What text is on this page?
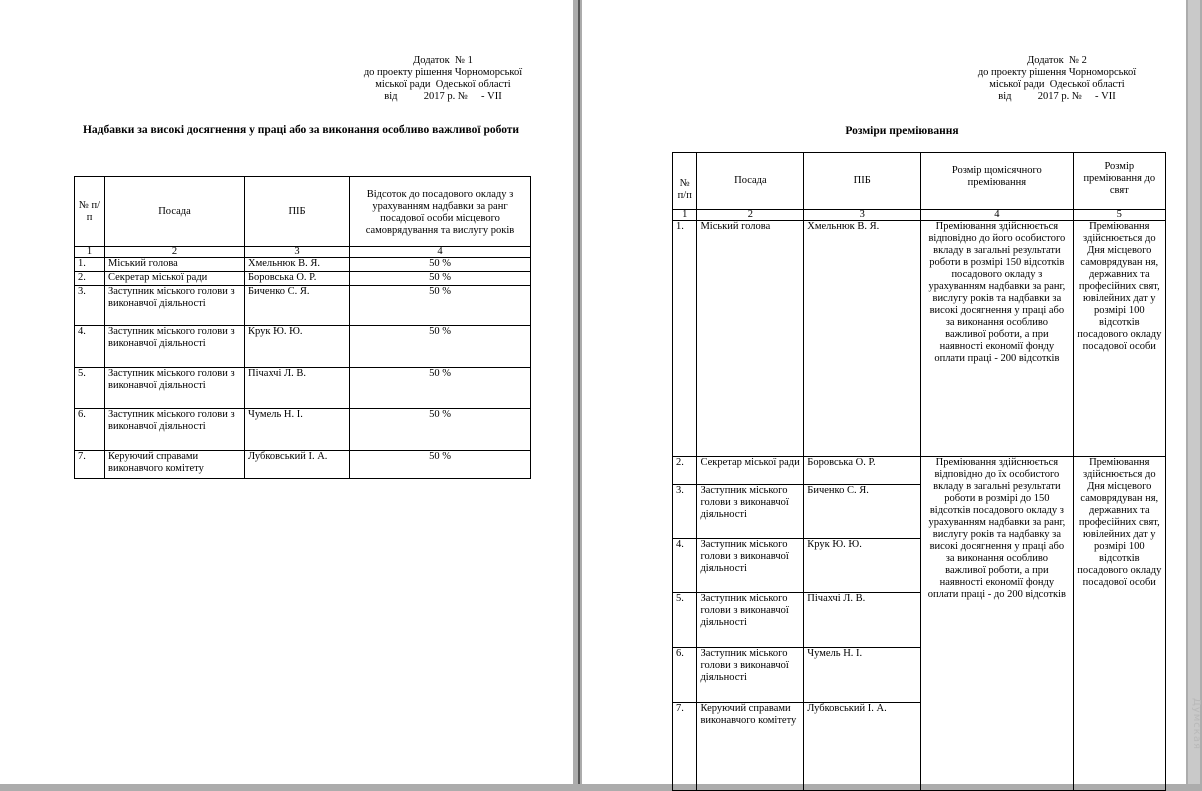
Додаток  № 1
до проекту рішення Чорноморської
міської ради  Одеської області
від          2017 р. №     - VII
Надбавки за високі досягнення у праці або за виконання особливо важливої роботи
№ п/п	Посада	ПІБ	Відсоток до посадового окладу з урахуванням надбавки за ранг посадової особи місцевого самоврядування та вислугу років
1	2	3	4
1.	Міський голова	Хмельнюк В. Я.	50 %
2.	Секретар міської ради	Боровська О. Р.	50 %
3.	Заступник міського голови з виконавчої діяльності	Биченко С. Я.	50 %
4.	Заступник міського голови з виконавчої діяльності	Крук Ю. Ю.	50 %
5.	Заступник міського голови з виконавчої діяльності	Пічахчі Л. В.	50 %
6.	Заступник міського голови з виконавчої діяльності	Чумель Н. І.	50 %
7.	Керуючий справами виконавчого комітету	Лубковський І. А.	50 %
Додаток  № 2
до проекту рішення Чорноморської
міської ради  Одеської області
від          2017 р. №     - VII
Розміри преміювання
№ п/п	Посада	ПІБ	Розмір щомісячного преміювання	Розмір преміювання до свят
1	2	3	4	5
1.	Міський голова	Хмельнюк В. Я.	Преміювання здійснюється відповідно до його особистого вкладу в загальні результати роботи в розмірі 150 відсотків посадового окладу з урахуванням надбавки за ранг, вислугу років та надбавки за високі досягнення у праці або за виконання особливо важливої роботи, а при наявності економії фонду оплати праці - 200 відсотків	Преміювання здійснюється до Дня місцевого самоврядуван ня, державних та професійних свят, ювілейних дат у розмірі 100 відсотків посадового окладу посадової особи
2.	Секретар міської ради	Боровська О. Р.	Преміювання здійснюється відповідно до їх особистого вкладу в загальні результати роботи в розмірі до 150 відсотків посадового окладу з урахуванням надбавки за ранг, вислугу років та надбавку за високі досягнення у праці або за виконання особливо важливої роботи, а при наявності економії фонду оплати праці - до 200 відсотків	Преміювання здійснюється до Дня місцевого самоврядуван ня, державних та професійних свят, ювілейних дат у розмірі 100 відсотків посадового окладу посадової особи
3.	Заступник міського голови з виконавчої діяльності	Биченко С. Я.		
4.	Заступник міського голови з виконавчої діяльності	Крук Ю. Ю.		
5.	Заступник міського голови з виконавчої діяльності	Пічахчі Л. В.		
6.	Заступник міського голови з виконавчої діяльності	Чумель Н. І.		
7.	Керуючий справами виконавчого комітету	Лубковський І. А.			Думская
